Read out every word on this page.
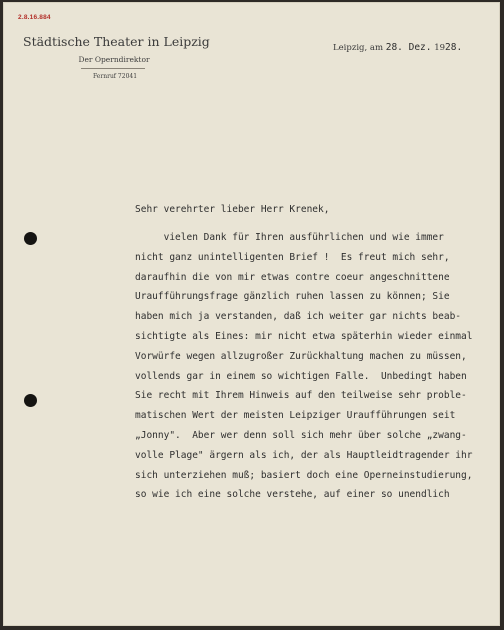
2.8.16.884
Städtische Theater in Leipzig
Der Operndirektor
Fernruf 72041
Leipzig, am 28. Dez. 1928.
Sehr verehrter lieber Herr Krenek,
vielen Dank für Ihren ausführlichen und wie immer
nicht ganz unintelligenten Brief !  Es freut mich sehr,
daraufhin die von mir etwas contre coeur angeschnittene
Uraufführungsfrage gänzlich ruhen lassen zu können; Sie
haben mich ja verstanden, daß ich weiter gar nichts beab-
sichtigte als Eines: mir nicht etwa späterhin wieder einmal
Vorwürfe wegen allzugroßer Zurückhaltung machen zu müssen,
vollends gar in einem so wichtigen Falle.  Unbedingt haben
Sie recht mit Ihrem Hinweis auf den teilweise sehr proble-
matischen Wert der meisten Leipziger Uraufführungen seit
„Jonny".  Aber wer denn soll sich mehr über solche „zwang-
volle Plage" ärgern als ich, der als Hauptleidtragender ihr
sich unterziehen muß; basiert doch eine Operneinstudierung,
so wie ich eine solche verstehe, auf einer so unendlich
